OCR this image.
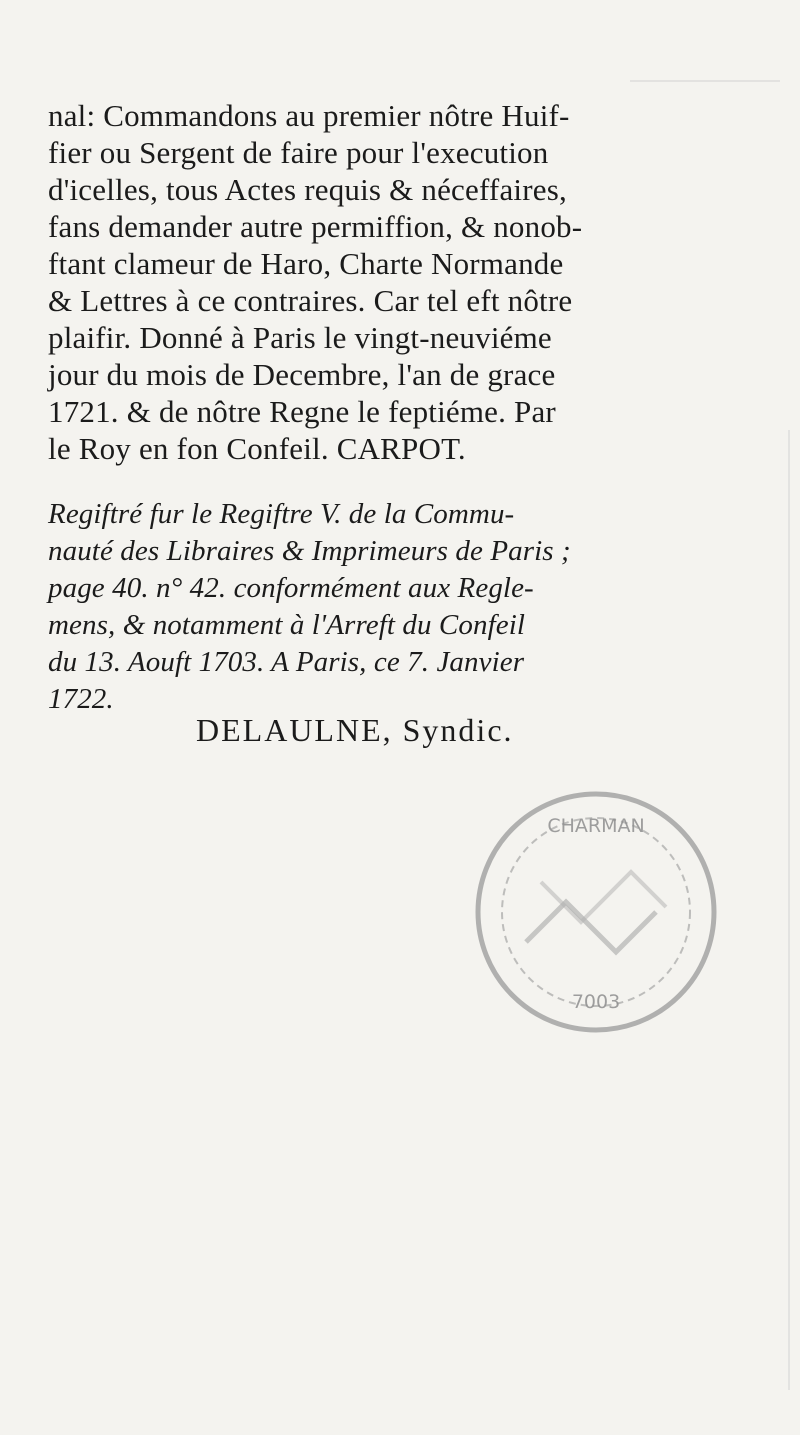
nal: Commandons au premier nôtre Huif-
fier ou Sergent de faire pour l'execution
d'icelles, tous Actes requis & néceffaires,
fans demander autre permiffion, & nonob-
ftant clameur de Haro, Charte Normande
& Lettres à ce contraires. Car tel eft nôtre
plaifir. Donné à Paris le vingt-neuviéme
jour du mois de Decembre, l'an de grace
1721. & de nôtre Regne le feptiéme. Par
le Roy en fon Confeil. CARPOT.
Regiftré fur le Regiftre V. de la Commu-
nauté des Libraires & Imprimeurs de Paris ;
page 40. n° 42. conformément aux Regle-
mens, & notamment à l'Arreft du Confeil
du 13. Aouft 1703. A Paris, ce 7. Janvier
1722.
DELAULNE, Syndic.
CHARMAN
7003
